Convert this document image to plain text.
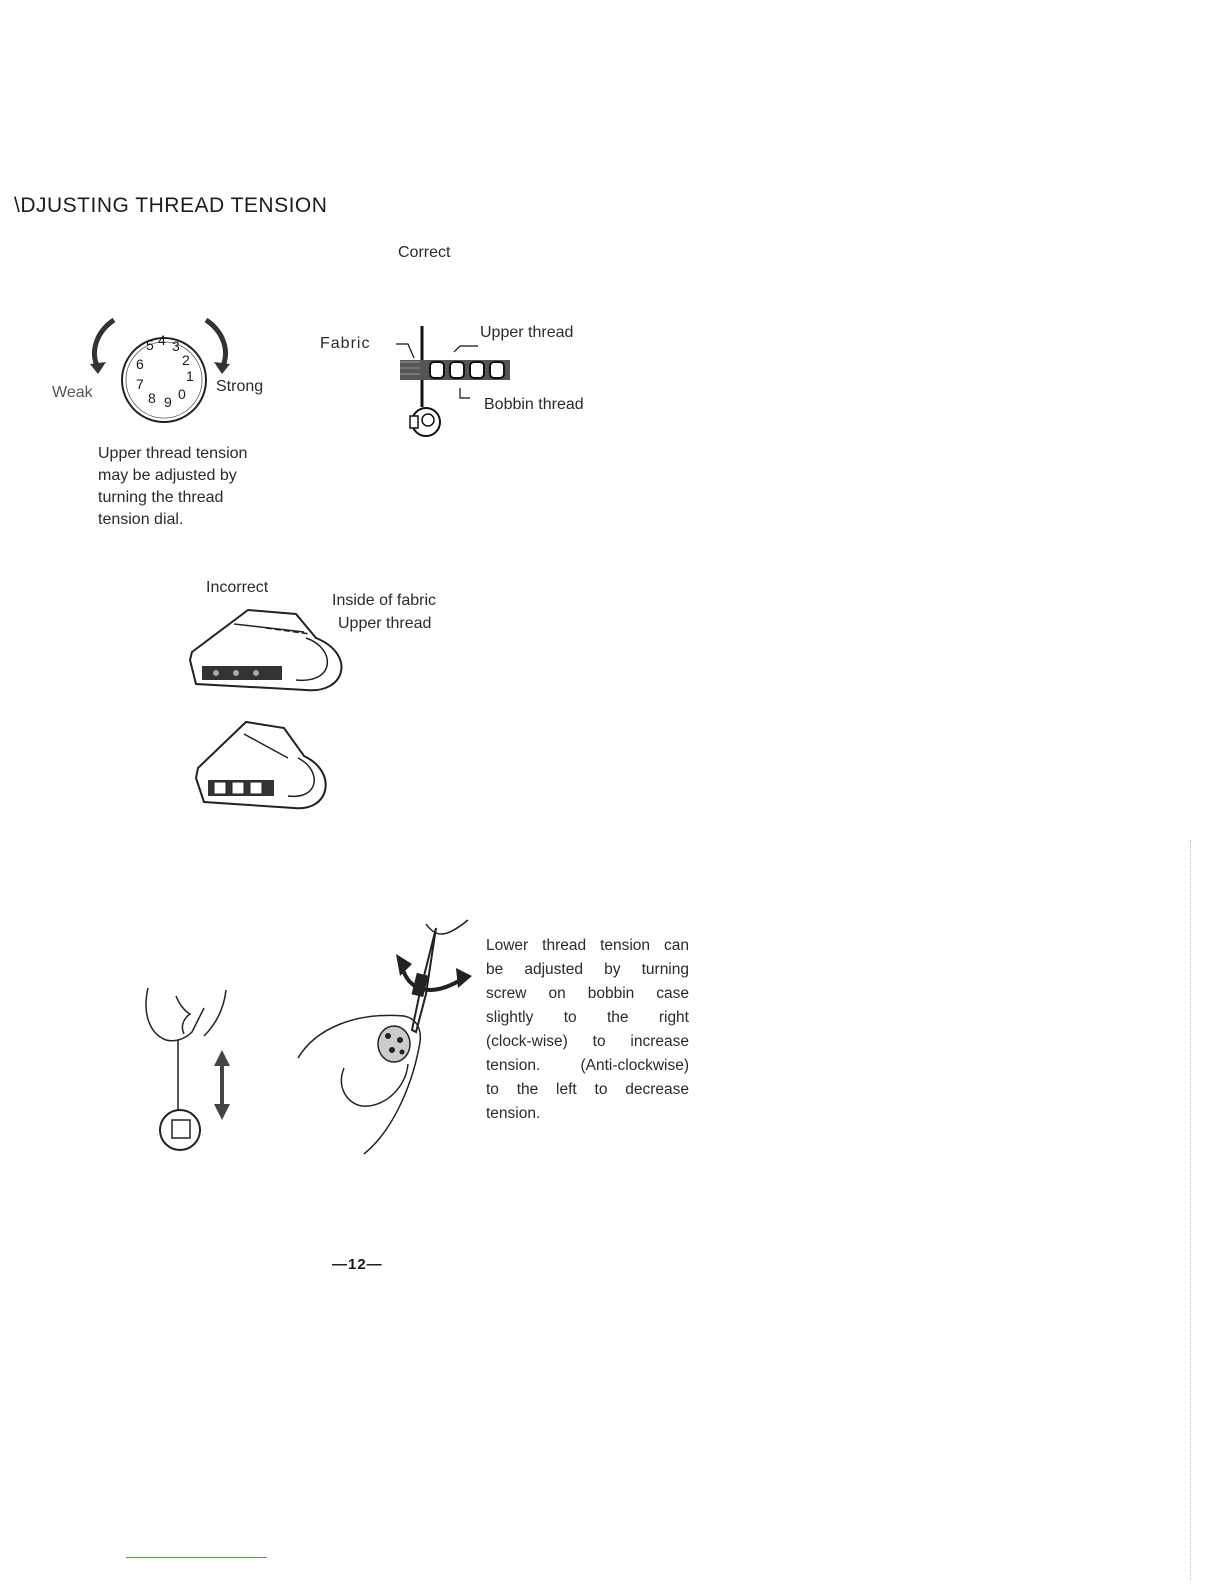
\DJUSTING THREAD TENSION
Correct
Fabric
Upper thread
Bobbin thread
Weak	Strong
5 4 3
2
1
0
9
8
7
6
Upper thread tension
may be adjusted by
turning the thread
tension dial.
Incorrect
Inside of fabric
Upper thread
Lower thread tension can
be adjusted by turning
screw on bobbin case
slightly to the right
(clock-wise) to increase
tension. (Anti-clockwise)
to the left to decrease
tension.
—12—
